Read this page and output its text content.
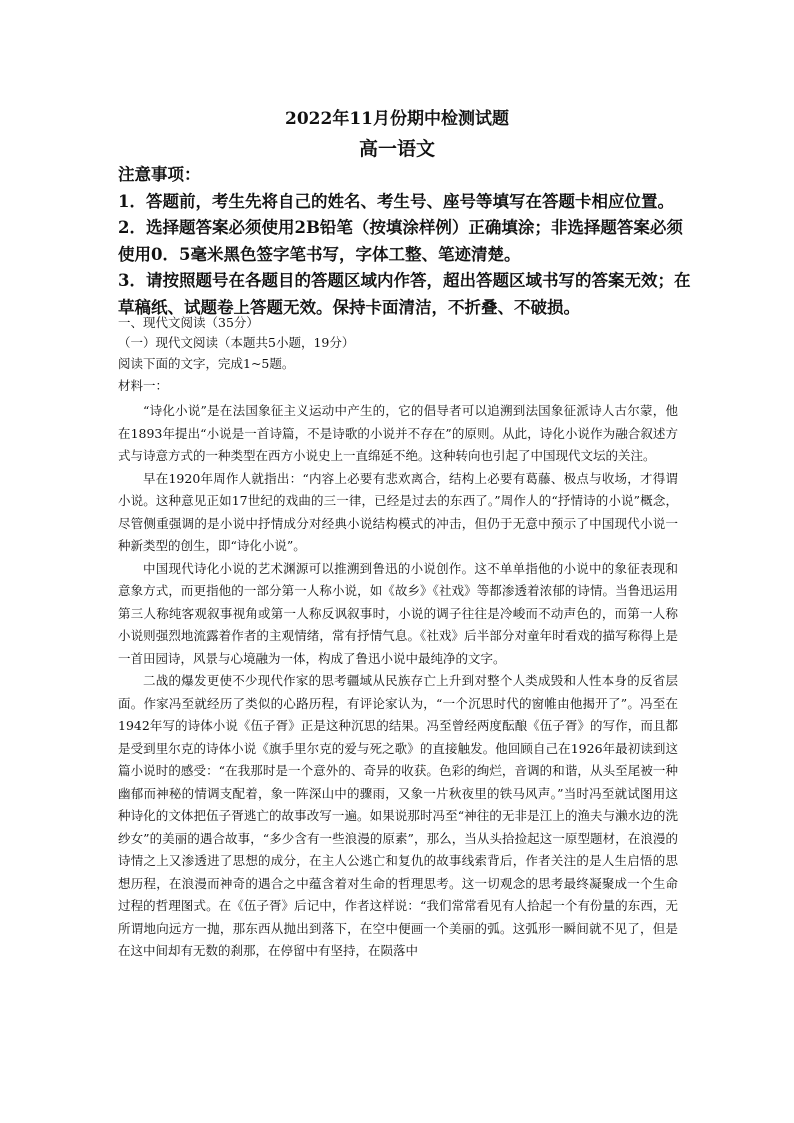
2022年11月份期中检测试题
高一语文
注意事项：
1．答题前，考生先将自己的姓名、考生号、座号等填写在答题卡相应位置。
2．选择题答案必须使用2B铅笔（按填涂样例）正确填涂；非选择题答案必须
使用0．5毫米黑色签字笔书写，字体工整、笔迹清楚。
3．请按照题号在各题目的答题区域内作答，超出答题区域书写的答案无效；在
草稿纸、试题卷上答题无效。保持卡面清洁，不折叠、不破损。
一、现代文阅读（35分）
（一）现代文阅读（本题共5小题，19分）
阅读下面的文字，完成1~5题。
材料一：

“诗化小说”是在法国象征主义运动中产生的，它的倡导者可以追溯到法国象征派诗人古尔蒙，他在1893年提出“小说是一首诗篇，不是诗歌的小说并不存在”的原则。从此，诗化小说作为融合叙述方式与诗意方式的一种类型在西方小说史上一直绵延不绝。这种转向也引起了中国现代文坛的关注。

早在1920年周作人就指出：“内容上必要有悲欢离合，结构上必要有葛藤、极点与收场，才得谓小说。这种意见正如17世纪的戏曲的三一律，已经是过去的东西了。”周作人的“抒情诗的小说”概念，尽管侧重强调的是小说中抒情成分对经典小说结构模式的冲击，但仍于无意中预示了中国现代小说一种新类型的创生，即“诗化小说”。

中国现代诗化小说的艺术渊源可以推溯到鲁迅的小说创作。这不单单指他的小说中的象征表现和意象方式，而更指他的一部分第一人称小说，如《故乡》《社戏》等都渗透着浓郁的诗情。当鲁迅运用第三人称纯客观叙事视角或第一人称反讽叙事时，小说的调子往往是冷峻而不动声色的，而第一人称小说则强烈地流露着作者的主观情绪，常有抒情气息。《社戏》后半部分对童年时看戏的描写称得上是一首田园诗，风景与心境融为一体，构成了鲁迅小说中最纯净的文字。

二战的爆发更使不少现代作家的思考疆域从民族存亡上升到对整个人类成毁和人性本身的反省层面。作家冯至就经历了类似的心路历程，有评论家认为，“一个沉思时代的窗帷由他揭开了”。冯至在1942年写的诗体小说《伍子胥》正是这种沉思的结果。冯至曾经两度酝酿《伍子胥》的写作，而且都是受到里尔克的诗体小说《旗手里尔克的爱与死之歌》的直接触发。他回顾自己在1926年最初读到这篇小说时的感受：“在我那时是一个意外的、奇异的收获。色彩的绚烂，音调的和谐，从头至尾被一种幽郁而神秘的情调支配着，象一阵深山中的骤雨，又象一片秋夜里的铁马风声。”当时冯至就试图用这种诗化的文体把伍子胥逃亡的故事改写一遍。如果说那时冯至“神往的无非是江上的渔夫与濑水边的洗纱女”的美丽的遇合故事，“多少含有一些浪漫的原素”，那么，当从头拾捡起这一原型题材，在浪漫的诗情之上又渗透进了思想的成分，在主人公逃亡和复仇的故事线索背后，作者关注的是人生启悟的思想历程，在浪漫而神奇的遇合之中蕴含着对生命的哲理思考。这一切观念的思考最终凝聚成一个生命过程的哲理图式。在《伍子胥》后记中，作者这样说：“我们常常看见有人拾起一个有份量的东西，无所谓地向远方一抛，那东西从抛出到落下，在空中便画一个美丽的弧。这弧形一瞬间就不见了，但是在这中间却有无数的刹那，在停留中有坚持，在陨落中
